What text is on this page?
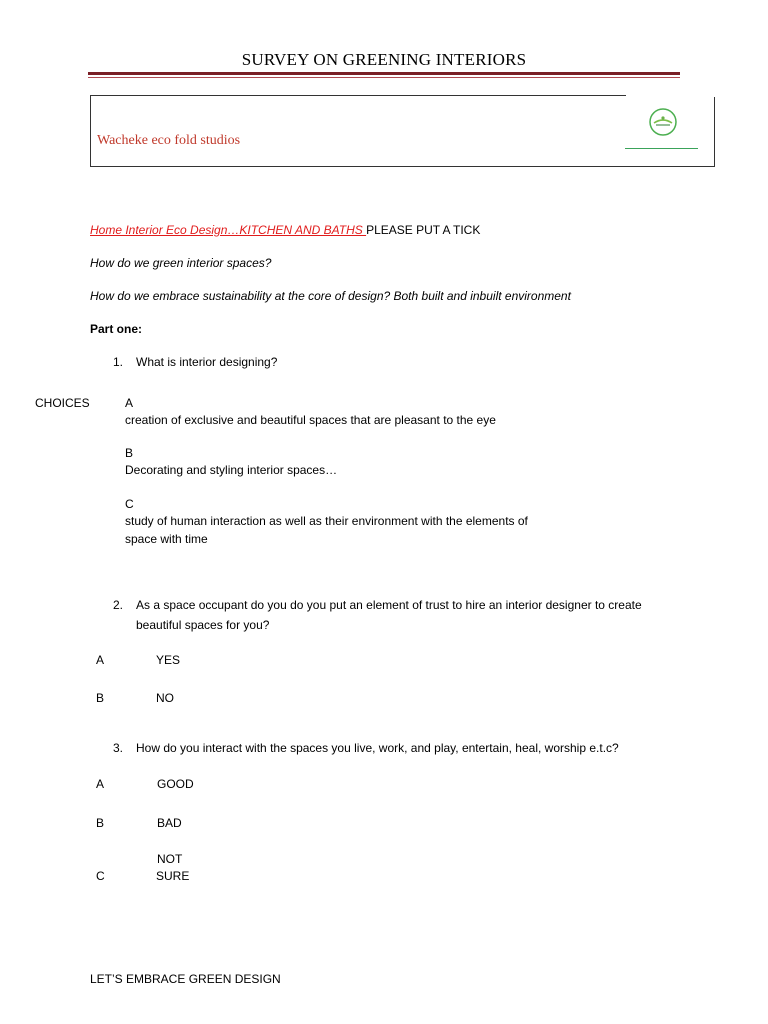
SURVEY ON GREENING INTERIORS
Wacheke eco fold studios
Home Interior Eco Design…KITCHEN AND BATHS PLEASE PUT A TICK
How do we green interior spaces?
How do we embrace sustainability at the core of design? Both built and inbuilt environment
Part one:
1. What is interior designing?
CHOICES	A
creation of exclusive and beautiful spaces that are pleasant to the eye
B
Decorating and styling interior spaces…
C
study of human interaction as well as their environment with the elements of
space with time
2. As a space occupant do you do you put an element of trust to hire an interior designer to create
beautiful spaces for you?
A	YES
B	NO
3. How do you interact with the spaces you live, work, and play, entertain, heal, worship e.t.c?
A	GOOD
B	BAD
NOT
C	SURE
LET’S EMBRACE GREEN DESIGN
